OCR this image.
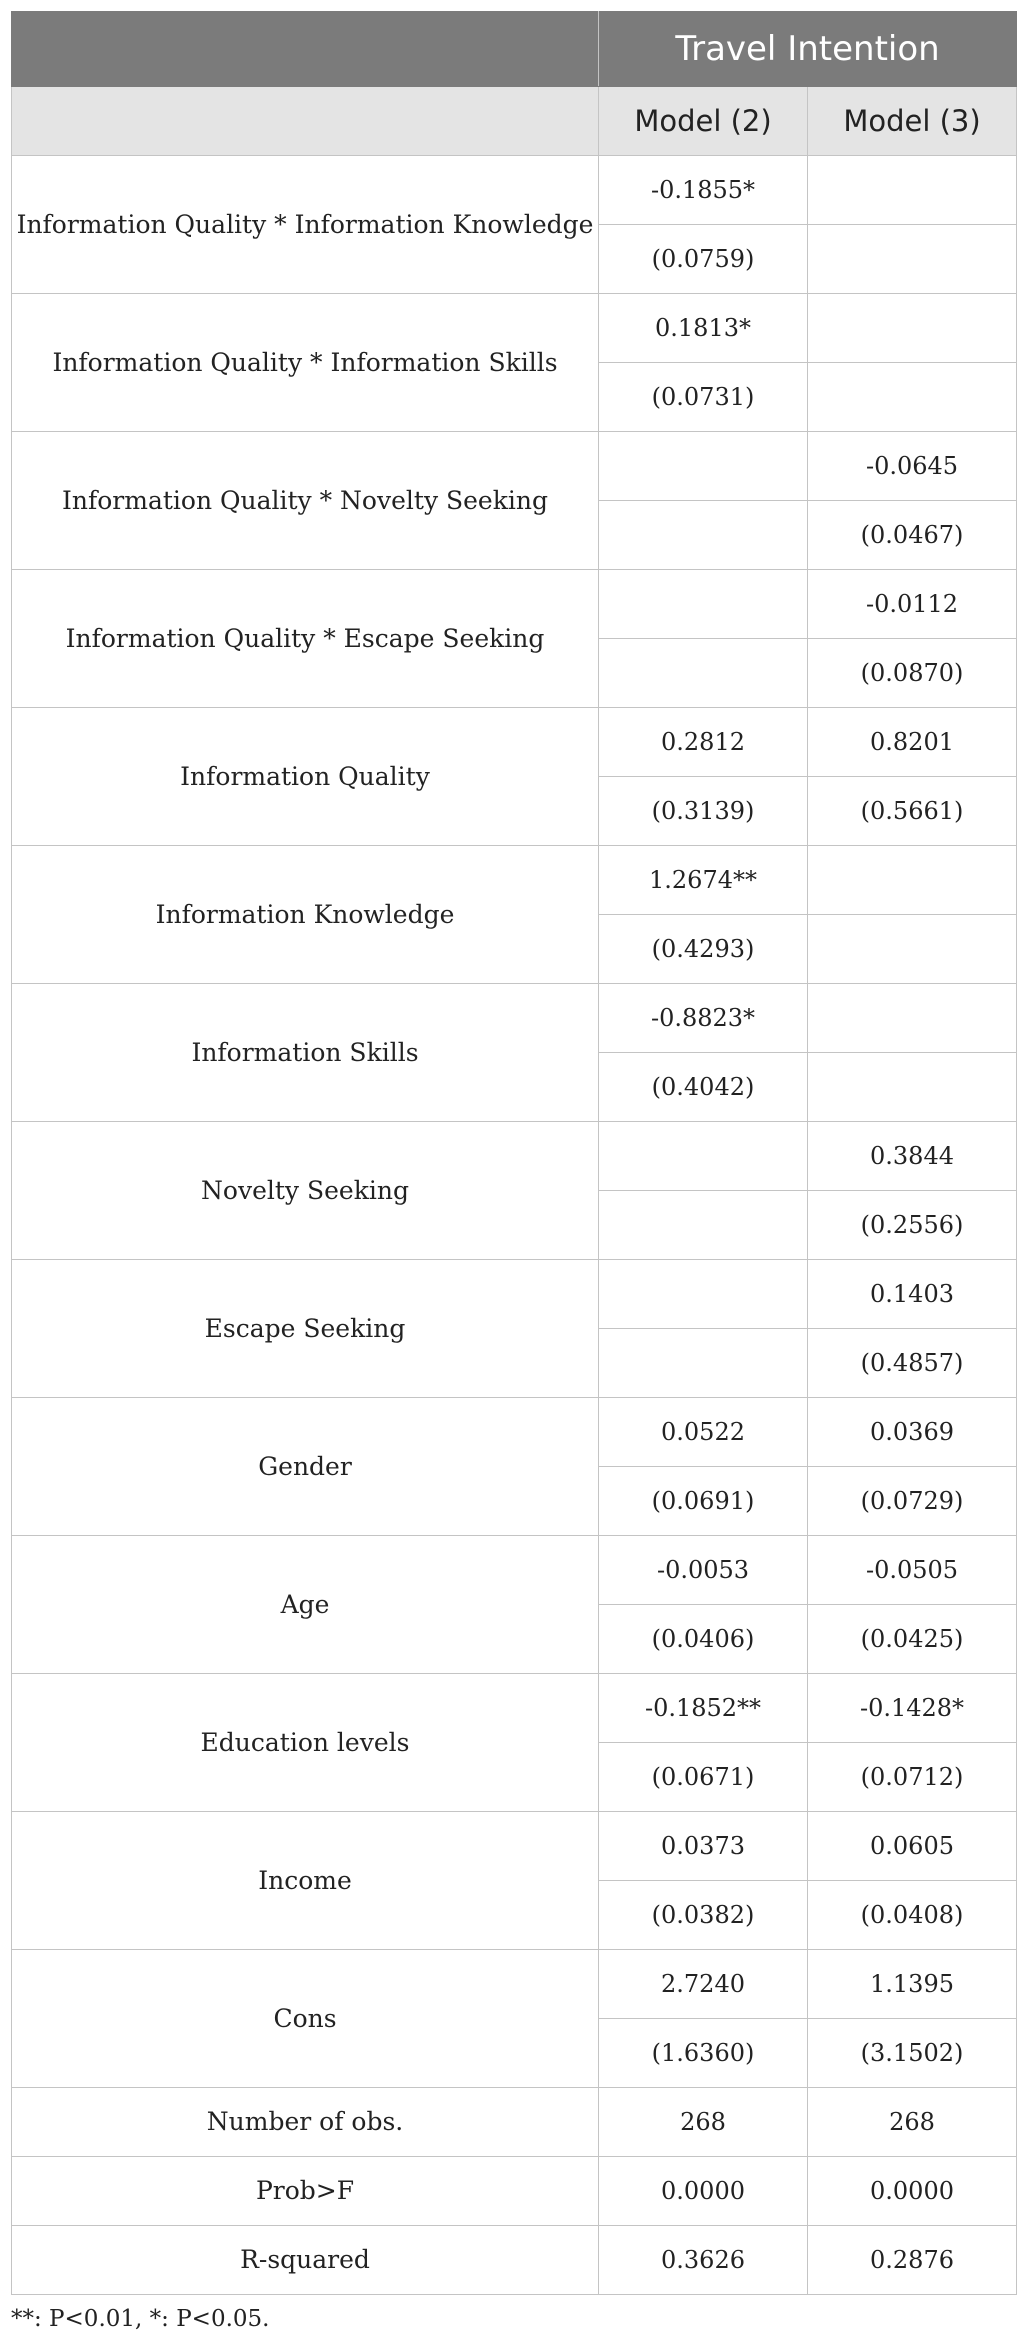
	Travel Intention	
	Model (2)	Model (3)
Information Quality * Information Knowledge	-0.1855*	
	(0.0759)	
Information Quality * Information Skills	0.1813*	
	(0.0731)	
Information Quality * Novelty Seeking		-0.0645
		(0.0467)
Information Quality * Escape Seeking		-0.0112
		(0.0870)
Information Quality	0.2812	0.8201
	(0.3139)	(0.5661)
Information Knowledge	1.2674**	
	(0.4293)	
Information Skills	-0.8823*	
	(0.4042)	
Novelty Seeking		0.3844
		(0.2556)
Escape Seeking		0.1403
		(0.4857)
Gender	0.0522	0.0369
	(0.0691)	(0.0729)
Age	-0.0053	-0.0505
	(0.0406)	(0.0425)
Education levels	-0.1852**	-0.1428*
	(0.0671)	(0.0712)
Income	0.0373	0.0605
	(0.0382)	(0.0408)
Cons	2.7240	1.1395
	(1.6360)	(3.1502)
Number of obs.	268	268
Prob>F	0.0000	0.0000
R-squared	0.3626	0.2876
**: P<0.01, *: P<0.05.
